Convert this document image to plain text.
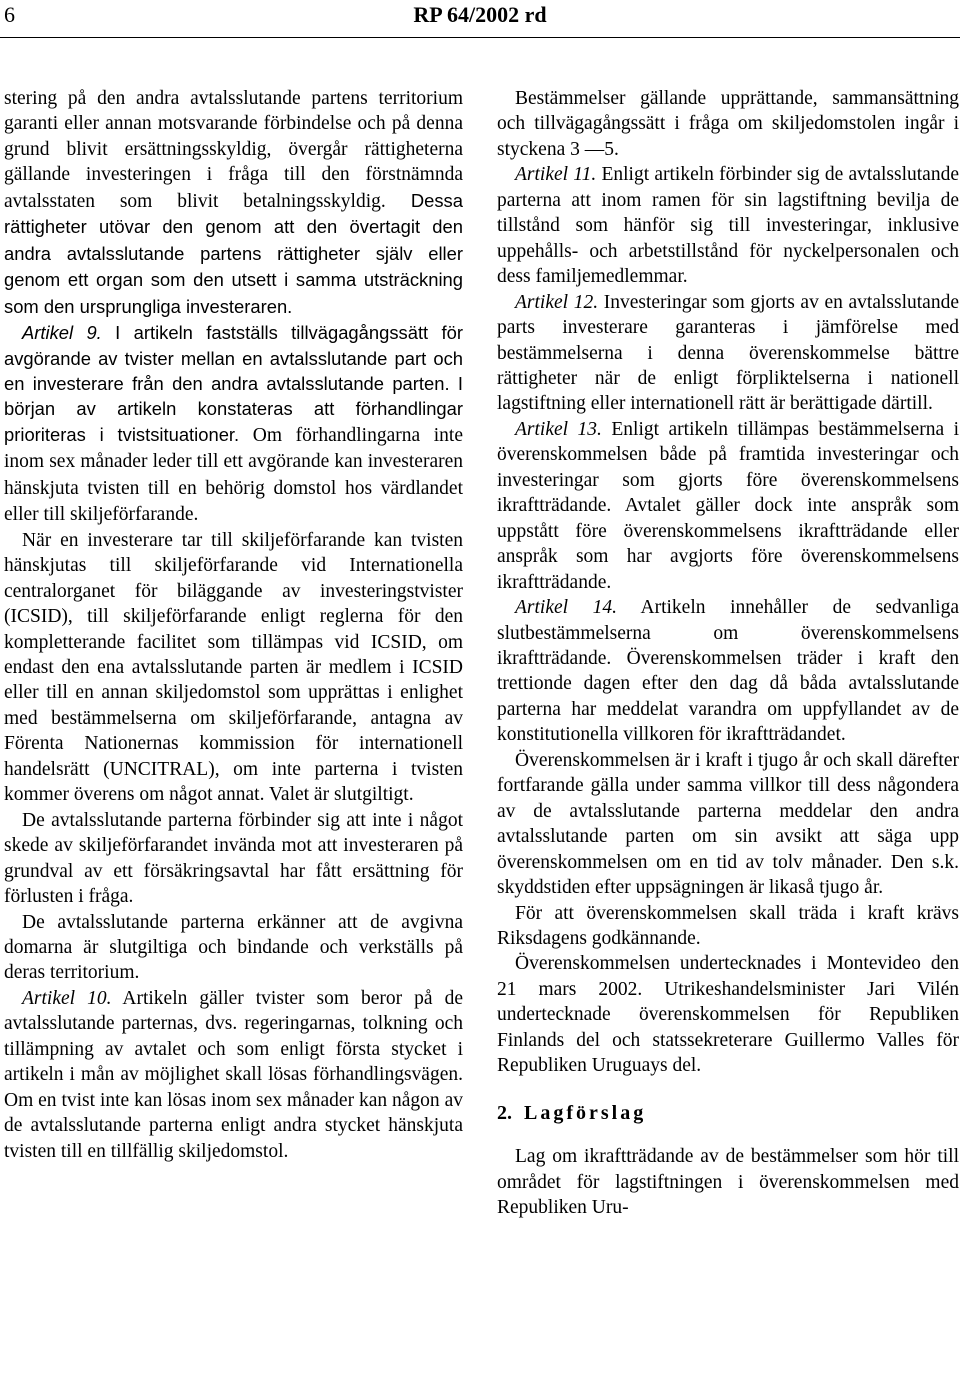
6	RP 64/2002 rd

stering på den andra avtalsslutande partens territorium garanti eller annan motsvarande förbindelse och på denna grund blivit ersättningsskyldig, övergår rättigheterna gällande investeringen i fråga till den förstnämnda avtalsstaten som blivit betalningsskyldig. Dessa rättigheter utövar den genom att den övertagit den andra avtalsslutande partens rättigheter själv eller genom ett organ som den utsett i samma utsträckning som den ursprungliga investeraren.

Artikel 9. I artikeln fastställs tillvägagångssätt för avgörande av tvister mellan en avtalsslutande part och en investerare från den andra avtalsslutande parten. I början av artikeln konstateras att förhandlingar prioriteras i tvistsituationer. Om förhandlingarna inte inom sex månader leder till ett avgörande kan investeraren hänskjuta tvisten till en behörig domstol hos värdlandet eller till skiljeförfarande.

När en investerare tar till skiljeförfarande kan tvisten hänskjutas till skiljeförfarande vid Internationella centralorganet för biläggande av investeringstvister (ICSID), till skiljeförfarande enligt reglerna för den kompletterande facilitet som tillämpas vid ICSID, om endast den ena avtalsslutande parten är medlem i ICSID eller till en annan skiljedomstol som upprättas i enlighet med bestämmelserna om skiljeförfarande, antagna av Förenta Nationernas kommission för internationell handelsrätt (UNCITRAL), om inte parterna i tvisten kommer överens om något annat. Valet är slutgiltigt.

De avtalsslutande parterna förbinder sig att inte i något skede av skiljeförfarandet invända mot att investeraren på grundval av ett försäkringsavtal har fått ersättning för förlusten i fråga.

De avtalsslutande parterna erkänner att de avgivna domarna är slutgiltiga och bindande och verkställs på deras territorium.

Artikel 10. Artikeln gäller tvister som beror på de avtalsslutande parternas, dvs. regeringarnas, tolkning och tillämpning av avtalet och som enligt första stycket i artikeln i mån av möjlighet skall lösas förhandlingsvägen. Om en tvist inte kan lösas inom sex månader kan någon av de avtalsslutande parterna enligt andra stycket hänskjuta tvisten till en tillfällig skiljedomstol.

Bestämmelser gällande upprättande, sammansättning och tillvägagångssätt i fråga om skiljedomstolen ingår i styckena 3 —5.

Artikel 11. Enligt artikeln förbinder sig de avtalsslutande parterna att inom ramen för sin lagstiftning bevilja de tillstånd som hänför sig till investeringar, inklusive uppehålls- och arbetstillstånd för nyckelpersonalen och dess familjemedlemmar.

Artikel 12. Investeringar som gjorts av en avtalsslutande parts investerare garanteras i jämförelse med bestämmelserna i denna överenskommelse bättre rättigheter när de enligt förpliktelserna i nationell lagstiftning eller internationell rätt är berättigade därtill.

Artikel 13. Enligt artikeln tillämpas bestämmelserna i överenskommelsen både på framtida investeringar och investeringar som gjorts före överenskommelsens ikraftträdande. Avtalet gäller dock inte anspråk som uppstått före överenskommelsens ikraftträdande eller anspråk som har avgjorts före överenskommelsens ikraftträdande.

Artikel 14. Artikeln innehåller de sedvanliga slutbestämmelserna om överenskommelsens ikraftträdande. Överenskommelsen träder i kraft den trettionde dagen efter den dag då båda avtalsslutande parterna har meddelat varandra om uppfyllandet av de konstitutionella villkoren för ikraftträdandet.

Överenskommelsen är i kraft i tjugo år och skall därefter fortfarande gälla under samma villkor till dess någondera av de avtalsslutande parterna meddelar den andra avtalsslutande parten om sin avsikt att säga upp överenskommelsen om en tid av tolv månader. Den s.k. skyddstiden efter uppsägningen är likaså tjugo år.

För att överenskommelsen skall träda i kraft krävs Riksdagens godkännande.

Överenskommelsen undertecknades i Montevideo den 21 mars 2002. Utrikeshandelsminister Jari Vilén undertecknade överenskommelsen för Republiken Finlands del och statssekreterare Guillermo Valles för Republiken Uruguays del.

2. Lagförslag

Lag om ikraftträdande av de bestämmelser som hör till området för lagstiftningen i överenskommelsen med Republiken Uru-
